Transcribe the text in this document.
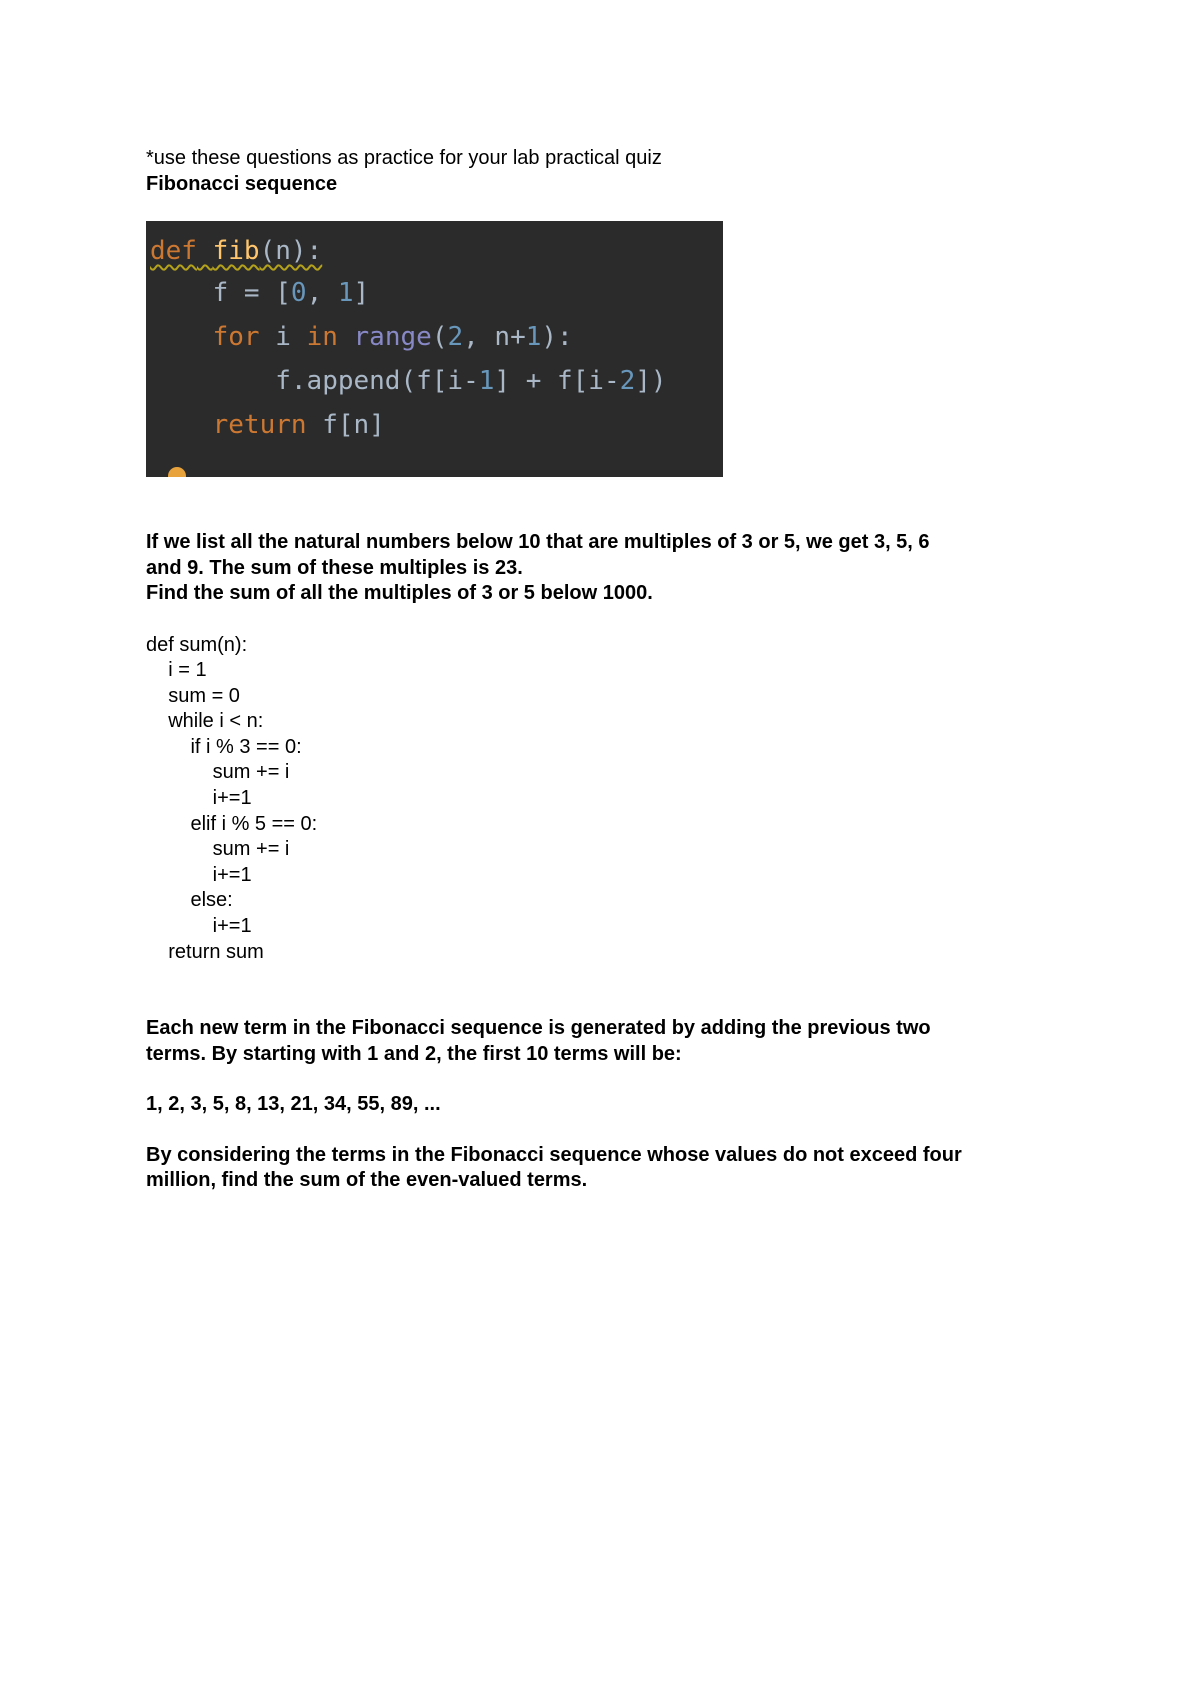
*use these questions as practice for your lab practical quiz
Fibonacci sequence
def fib(n):
f = [0, 1]
for i in range(2, n+1):
f.append(f[i-1] + f[i-2])
return f[n]
If we list all the natural numbers below 10 that are multiples of 3 or 5, we get 3, 5, 6
and 9. The sum of these multiples is 23.
Find the sum of all the multiples of 3 or 5 below 1000.
def sum(n):
i = 1
sum = 0
while i < n:
if i % 3 == 0:
sum += i
i+=1
elif i % 5 == 0:
sum += i
i+=1
else:
i+=1
return sum
Each new term in the Fibonacci sequence is generated by adding the previous two
terms. By starting with 1 and 2, the first 10 terms will be:
1, 2, 3, 5, 8, 13, 21, 34, 55, 89, ...
By considering the terms in the Fibonacci sequence whose values do not exceed four
million, find the sum of the even-valued terms.
